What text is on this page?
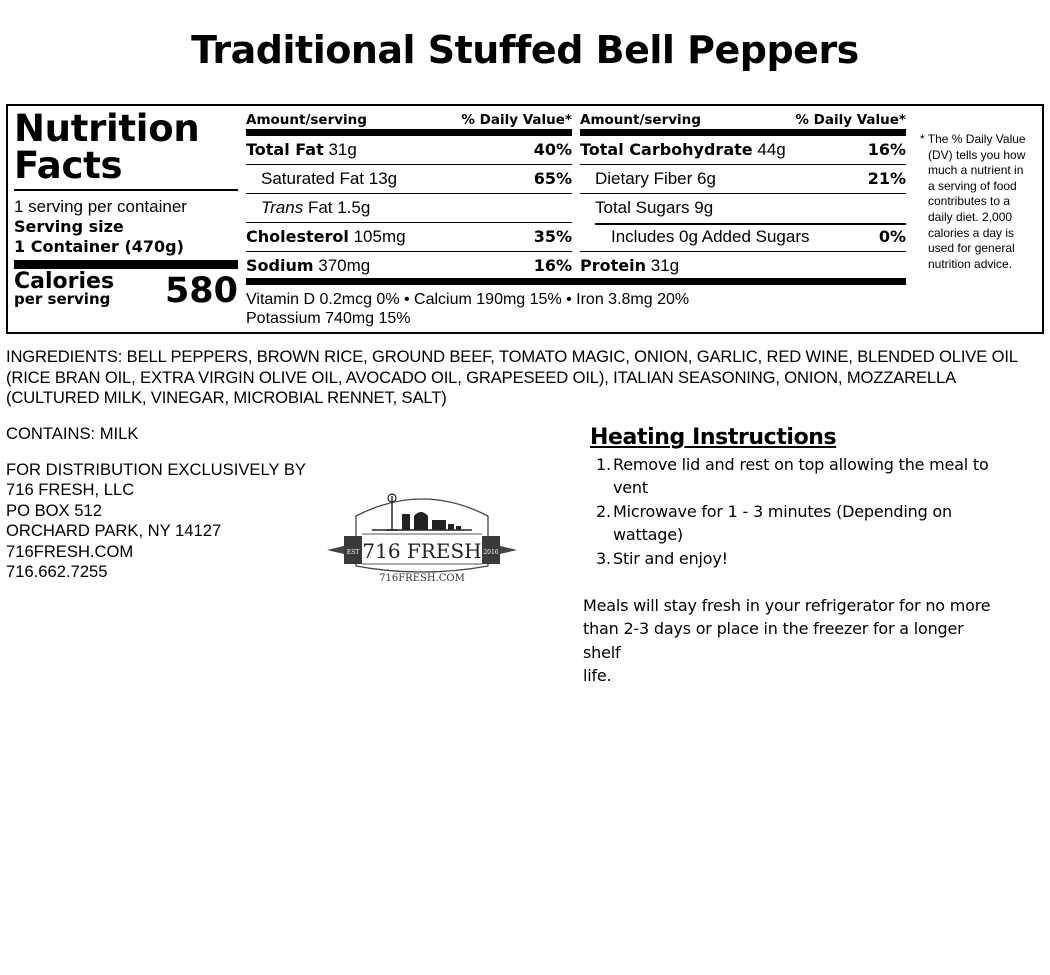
Traditional Stuffed Bell Peppers
Nutrition
Facts
1 serving per container
Serving size
1 Container (470g)
Calories
per serving 580
Amount/serving	% Daily Value*
Total Fat 31g	40%
Saturated Fat 13g	65%
Trans Fat 1.5g
Cholesterol 105mg	35%
Sodium 370mg	16%
Amount/serving	% Daily Value*
Total Carbohydrate 44g	16%
Dietary Fiber 6g	21%
Total Sugars 9g
Includes 0g Added Sugars	0%
Protein 31g
Vitamin D 0.2mcg 0% • Calcium 190mg 15% • Iron 3.8mg 20%
Potassium 740mg 15%
* The % Daily Value
(DV) tells you how
much a nutrient in
a serving of food
contributes to a
daily diet. 2,000
calories a day is
used for general
nutrition advice.
INGREDIENTS: BELL PEPPERS, BROWN RICE, GROUND BEEF, TOMATO MAGIC, ONION, GARLIC, RED WINE, BLENDED OLIVE OIL (RICE BRAN OIL, EXTRA VIRGIN OLIVE OIL, AVOCADO OIL, GRAPESEED OIL), ITALIAN SEASONING, ONION, MOZZARELLA (CULTURED MILK, VINEGAR, MICROBIAL RENNET, SALT)
CONTAINS: MILK
FOR DISTRIBUTION EXCLUSIVELY BY
716 FRESH, LLC
PO BOX 512
ORCHARD PARK, NY 14127
716FRESH.COM
716.662.7255
EST	2016
716 FRESH
716FRESH.COM
Heating Instructions
1. Remove lid and rest on top allowing the meal to
vent
2. Microwave for 1 - 3 minutes (Depending on
wattage)
3. Stir and enjoy!
Meals will stay fresh in your refrigerator for no more
than 2-3 days or place in the freezer for a longer shelf
life.
